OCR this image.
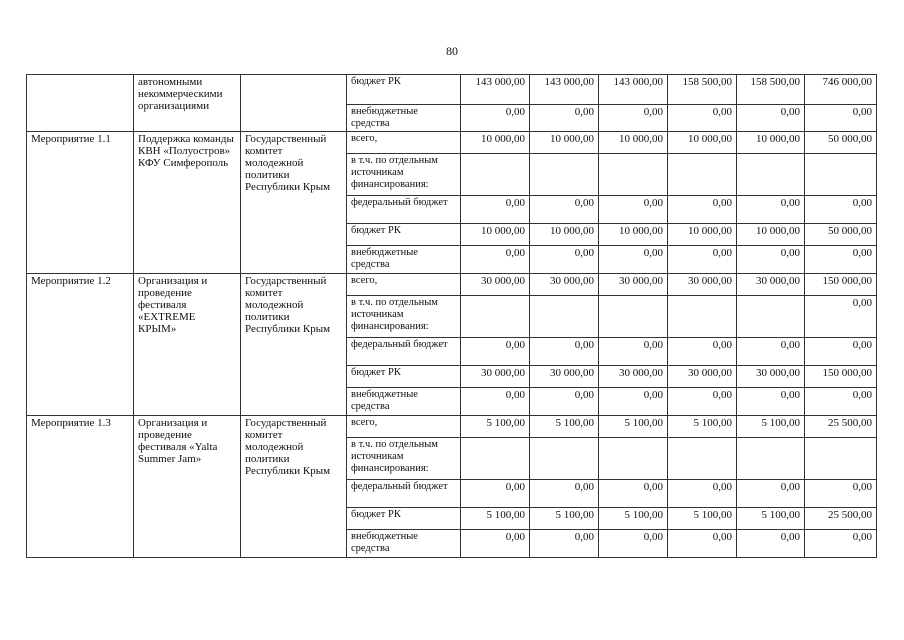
80
	автономными некоммерческими организациями		бюджет РК	143 000,00	143 000,00	143 000,00	158 500,00	158 500,00	746 000,00
			внебюджетные средства	0,00	0,00	0,00	0,00	0,00	0,00
Мероприятие 1.1	Поддержка команды КВН «Полуостров» КФУ Симферополь	Государственный комитет молодежной политики Республики Крым	всего,	10 000,00	10 000,00	10 000,00	10 000,00	10 000,00	50 000,00
			в т.ч. по отдельным источникам финансирования:						
			федеральный бюджет	0,00	0,00	0,00	0,00	0,00	0,00
			бюджет РК	10 000,00	10 000,00	10 000,00	10 000,00	10 000,00	50 000,00
			внебюджетные средства	0,00	0,00	0,00	0,00	0,00	0,00
Мероприятие 1.2	Организация и проведение фестиваля «EXTREME КРЫМ»	Государственный комитет молодежной политики Республики Крым	всего,	30 000,00	30 000,00	30 000,00	30 000,00	30 000,00	150 000,00
			в т.ч. по отдельным источникам финансирования:						0,00
			федеральный бюджет	0,00	0,00	0,00	0,00	0,00	0,00
			бюджет РК	30 000,00	30 000,00	30 000,00	30 000,00	30 000,00	150 000,00
			внебюджетные средства	0,00	0,00	0,00	0,00	0,00	0,00
Мероприятие 1.3	Организация и проведение фестиваля «Yalta Summer Jam»	Государственный комитет молодежной политики Республики Крым	всего,	5 100,00	5 100,00	5 100,00	5 100,00	5 100,00	25 500,00
			в т.ч. по отдельным источникам финансирования:						
			федеральный бюджет	0,00	0,00	0,00	0,00	0,00	0,00
			бюджет РК	5 100,00	5 100,00	5 100,00	5 100,00	5 100,00	25 500,00
			внебюджетные средства	0,00	0,00	0,00	0,00	0,00	0,00
